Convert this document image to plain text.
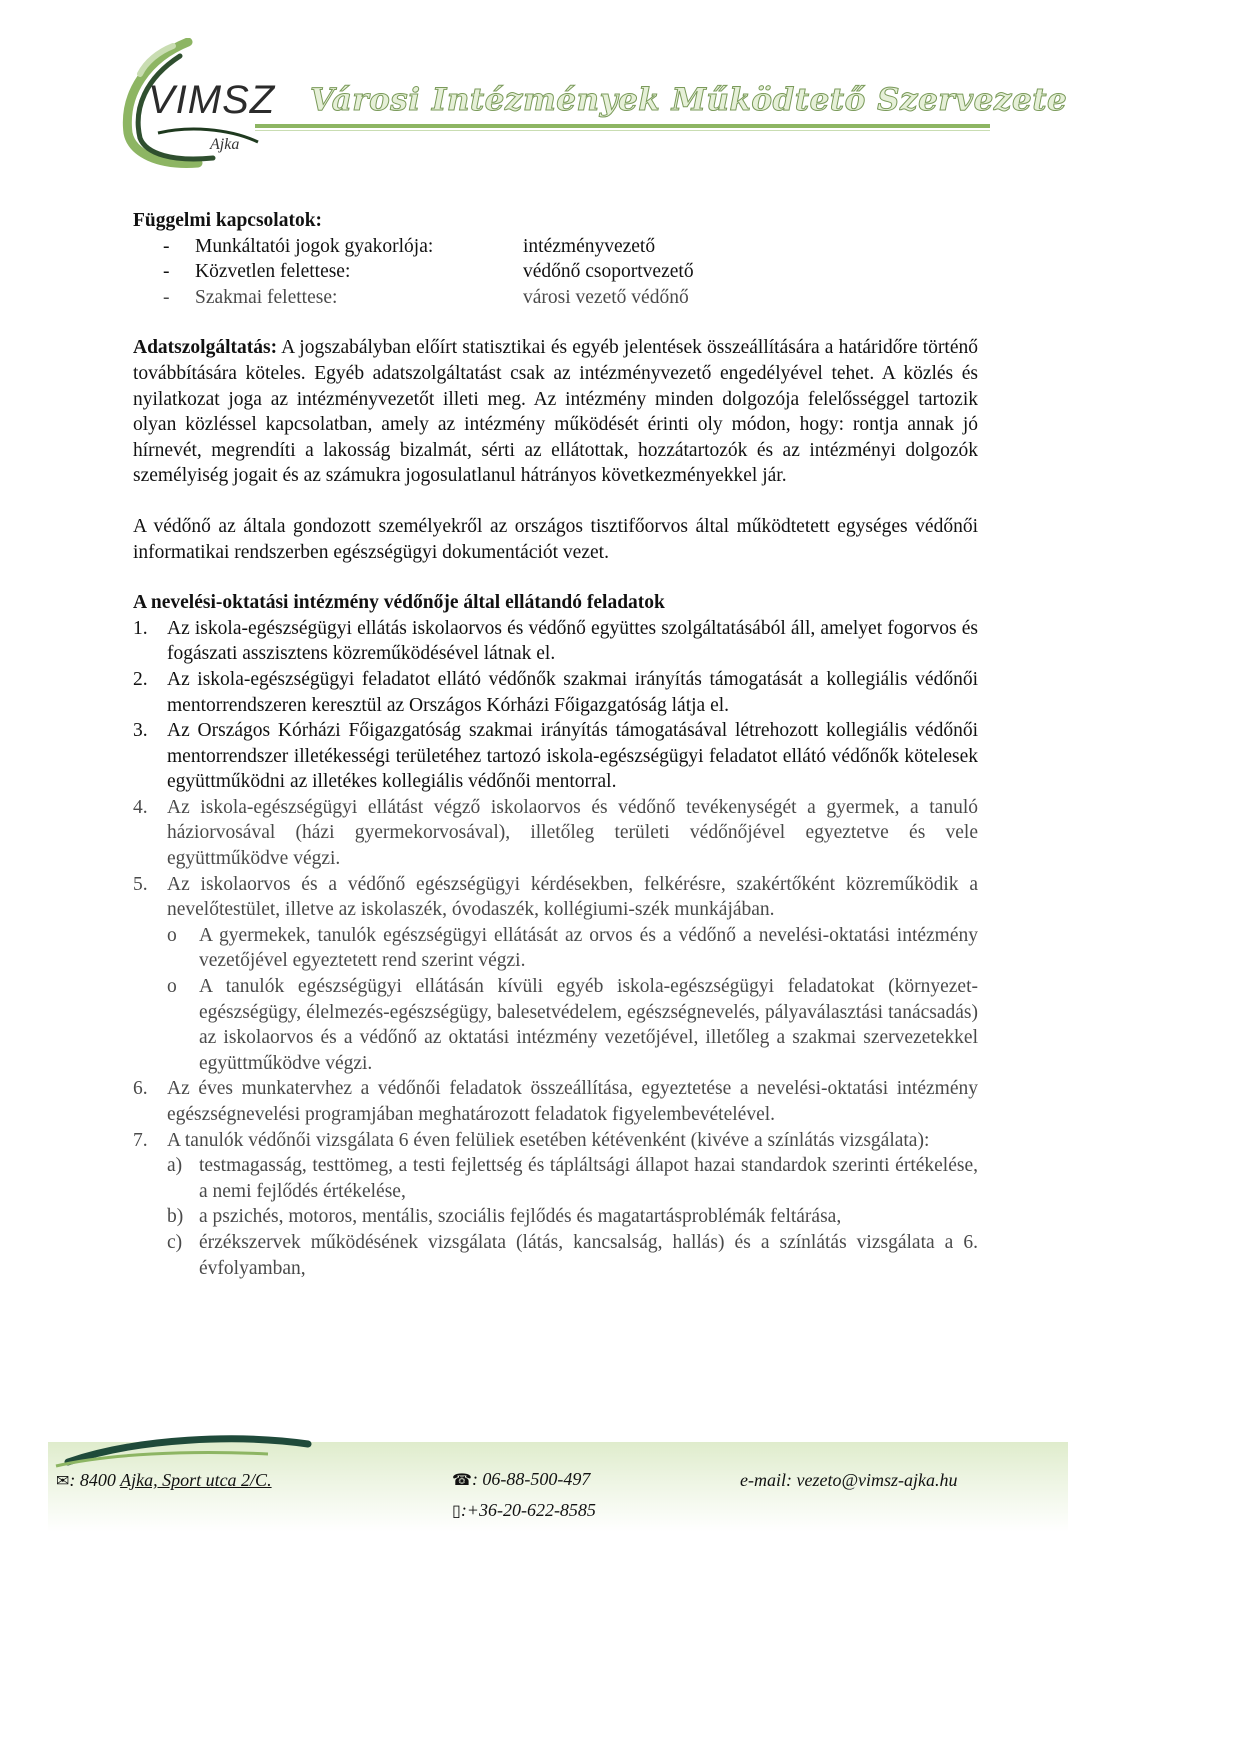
VIMSZ
Ajka
Városi Intézmények Működtető Szervezete
Függelmi kapcsolatok:
-	Munkáltatói jogok gyakorlója:	intézményvezető
-	Közvetlen felettese:	védőnő csoportvezető
-	Szakmai felettese:	városi vezető védőnő

Adatszolgáltatás: A jogszabályban előírt statisztikai és egyéb jelentések összeállítására a határidőre történő továbbítására köteles. Egyéb adatszolgáltatást csak az intézményvezető engedélyével tehet. A közlés és nyilatkozat joga az intézményvezetőt illeti meg. Az intézmény minden dolgozója felelősséggel tartozik olyan közléssel kapcsolatban, amely az intézmény működését érinti oly módon, hogy: rontja annak jó hírnevét, megrendíti a lakosság bizalmát, sérti az ellátottak, hozzátartozók és az intézményi dolgozók személyiség jogait és az számukra jogosulatlanul hátrányos következményekkel jár.

A védőnő az általa gondozott személyekről az országos tisztifőorvos által működtetett egységes védőnői informatikai rendszerben egészségügyi dokumentációt vezet.

A nevelési-oktatási intézmény védőnője által ellátandó feladatok
1. Az iskola-egészségügyi ellátás iskolaorvos és védőnő együttes szolgáltatásából áll, amelyet fogorvos és fogászati asszisztens közreműködésével látnak el.
2. Az iskola-egészségügyi feladatot ellátó védőnők szakmai irányítás támogatását a kollegiális védőnői mentorrendszeren keresztül az Országos Kórházi Főigazgatóság látja el.
3. Az Országos Kórházi Főigazgatóság szakmai irányítás támogatásával létrehozott kollegiális védőnői mentorrendszer illetékességi területéhez tartozó iskola-egészségügyi feladatot ellátó védőnők kötelesek együttműködni az illetékes kollegiális védőnői mentorral.
4. Az iskola-egészségügyi ellátást végző iskolaorvos és védőnő tevékenységét a gyermek, a tanuló háziorvosával (házi gyermekorvosával), illetőleg területi védőnőjével egyeztetve és vele együttműködve végzi.
5. Az iskolaorvos és a védőnő egészségügyi kérdésekben, felkérésre, szakértőként közreműködik a nevelőtestület, illetve az iskolaszék, óvodaszék, kollégiumi-szék munkájában.
o	A gyermekek, tanulók egészségügyi ellátását az orvos és a védőnő a nevelési-oktatási intézmény vezetőjével egyeztetett rend szerint végzi.
o	A tanulók egészségügyi ellátásán kívüli egyéb iskola-egészségügyi feladatokat (környezet-egészségügy, élelmezés-egészségügy, balesetvédelem, egészségnevelés, pályaválasztási tanácsadás) az iskolaorvos és a védőnő az oktatási intézmény vezetőjével, illetőleg a szakmai szervezetekkel együttműködve végzi.
6. Az éves munkatervhez a védőnői feladatok összeállítása, egyeztetése a nevelési-oktatási intézmény egészségnevelési programjában meghatározott feladatok figyelembevételével.
7. A tanulók védőnői vizsgálata 6 éven felüliek esetében kétévenként (kivéve a színlátás vizsgálata):
a) testmagasság, testtömeg, a testi fejlettség és tápláltsági állapot hazai standardok szerinti értékelése, a nemi fejlődés értékelése,
b) a pszichés, motoros, mentális, szociális fejlődés és magatartásproblémák feltárása,
c) érzékszervek működésének vizsgálata (látás, kancsalság, hallás) és a színlátás vizsgálata a 6. évfolyamban,
✉: 8400 Ajka, Sport utca 2/C.	☎: 06-88-500-497
▯:+36-20-622-8585
e-mail: vezeto@vimsz-ajka.hu
